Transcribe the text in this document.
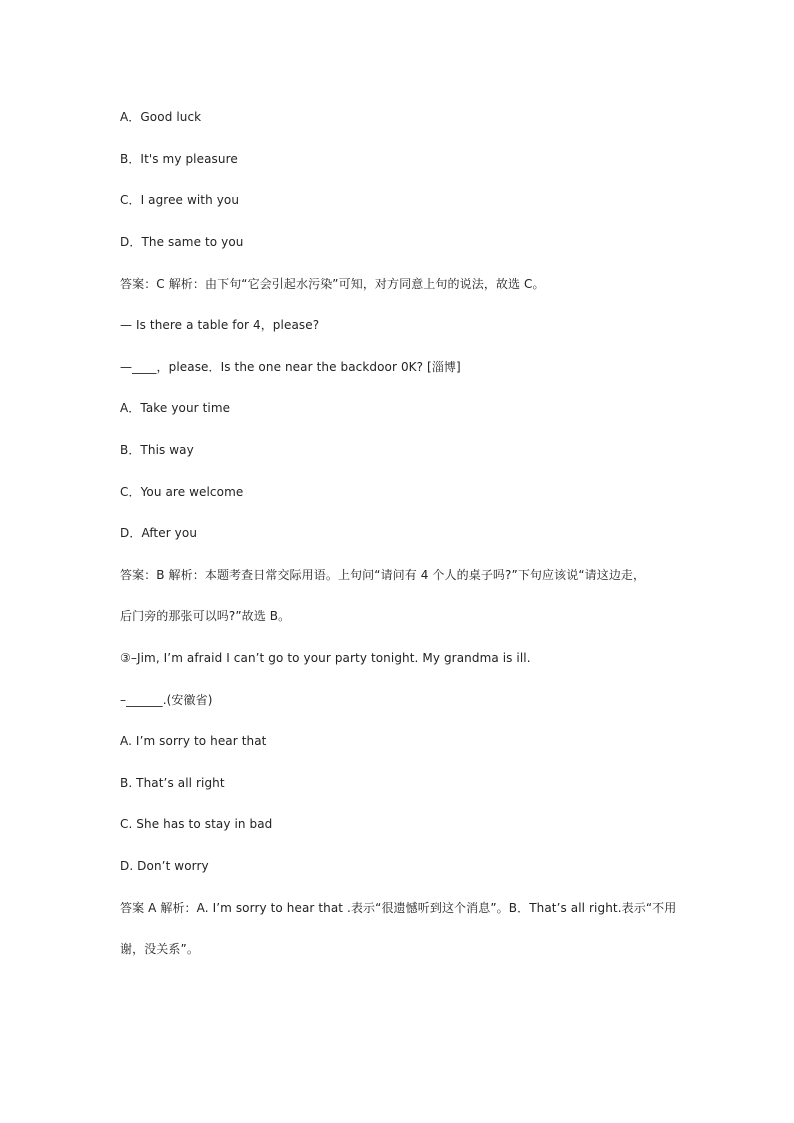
A．Good luck
B．It's my pleasure
C．I agree with you
D．The same to you
答案：C 解析：由下句“它会引起水污染”可知，对方同意上句的说法，故选 C。
— Is there a table for 4，please?
—____，please．Is the one near the backdoor 0K? [淄博]
A．Take your time
B．This way
C．You are welcome
D．After you
答案：B 解析：本题考查日常交际用语。上句问“请问有 4 个人的桌子吗?”下句应该说“请这边走，
后门旁的那张可以吗?”故选 B。
③–Jim, I’m afraid I can’t go to your party tonight. My grandma is ill.
–______.(安徽省)
A. I’m sorry to hear that
B. That’s all right
C. She has to stay in bad
D. Don’t worry
答案 A 解析：A. I’m sorry to hear that .表示“很遗憾听到这个消息”。B．That’s all right.表示“不用
谢，没关系”。
